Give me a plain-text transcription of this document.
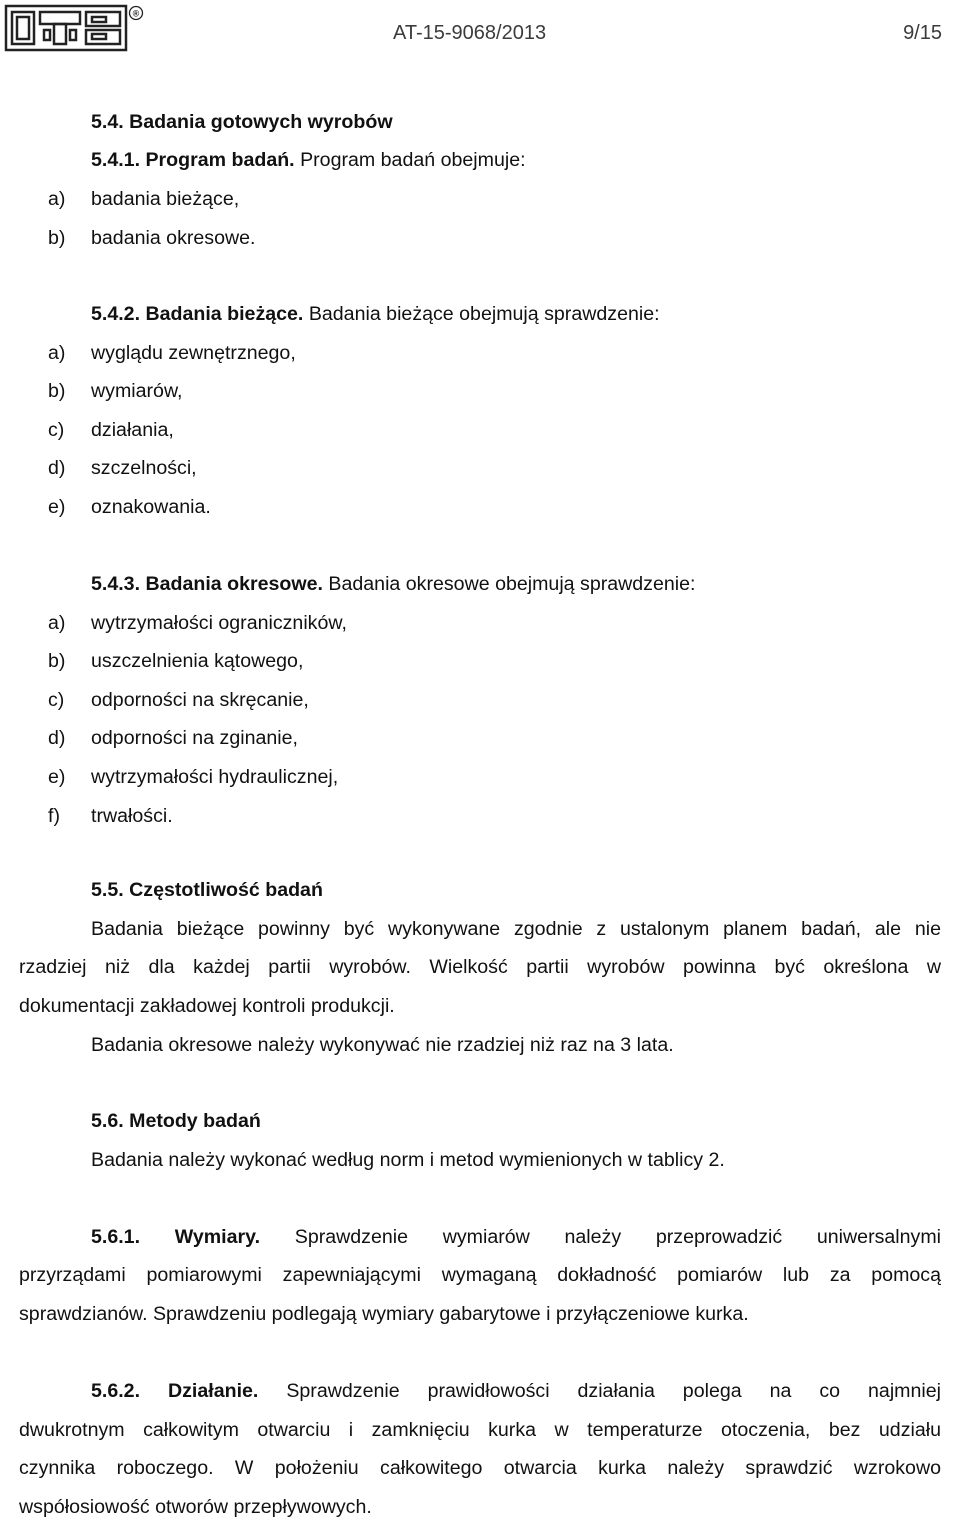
®
AT-15-9068/2013	9/15
5.4. Badania gotowych wyrobów
5.4.1. Program badań. Program badań obejmuje:
a) badania bieżące,
b) badania okresowe.
5.4.2. Badania bieżące. Badania bieżące obejmują sprawdzenie:
a) wyglądu zewnętrznego,
b) wymiarów,
c) działania,
d) szczelności,
e) oznakowania.
5.4.3. Badania okresowe. Badania okresowe obejmują sprawdzenie:
a) wytrzymałości ograniczników,
b) uszczelnienia kątowego,
c) odporności na skręcanie,
d) odporności na zginanie,
e) wytrzymałości hydraulicznej,
f) trwałości.
5.5. Częstotliwość badań
Badania bieżące powinny być wykonywane zgodnie z ustalonym planem badań, ale nie
rzadziej niż dla każdej partii wyrobów. Wielkość partii wyrobów powinna być określona w
dokumentacji zakładowej kontroli produkcji.
Badania okresowe należy wykonywać nie rzadziej niż raz na 3 lata.
5.6. Metody badań
Badania należy wykonać według norm i metod wymienionych w tablicy 2.
5.6.1. Wymiary. Sprawdzenie wymiarów należy przeprowadzić uniwersalnymi
przyrządami pomiarowymi zapewniającymi wymaganą dokładność pomiarów lub za pomocą
sprawdzianów. Sprawdzeniu podlegają wymiary gabarytowe i przyłączeniowe kurka.
5.6.2. Działanie. Sprawdzenie prawidłowości działania polega na co najmniej
dwukrotnym całkowitym otwarciu i zamknięciu kurka w temperaturze otoczenia, bez udziału
czynnika roboczego. W położeniu całkowitego otwarcia kurka należy sprawdzić wzrokowo
współosiowość otworów przepływowych.
